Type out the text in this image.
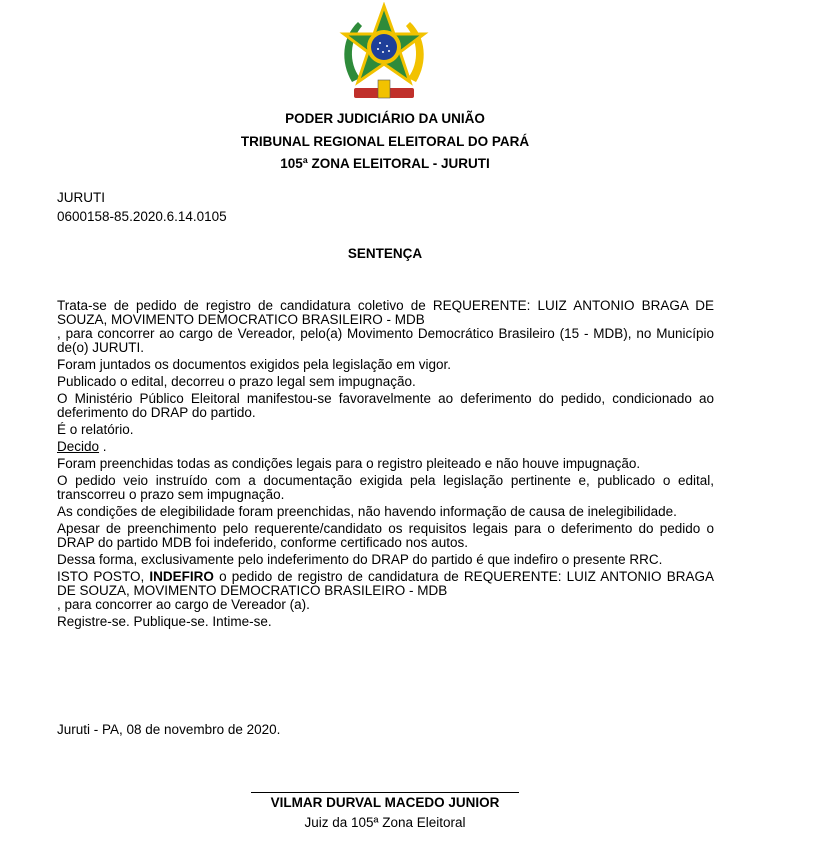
PODER JUDICIÁRIO DA UNIÃO
TRIBUNAL REGIONAL ELEITORAL DO PARÁ
105ª ZONA ELEITORAL - JURUTI
JURUTI
0600158-85.2020.6.14.0105
SENTENÇA

Trata-se de pedido de registro de candidatura coletivo de REQUERENTE: LUIZ ANTONIO BRAGA DE SOUZA, MOVIMENTO DEMOCRATICO BRASILEIRO - MDB
, para concorrer ao cargo de Vereador, pelo(a) Movimento Democrático Brasileiro (15 - MDB), no Município de(o) JURUTI.

Foram juntados os documentos exigidos pela legislação em vigor.

Publicado o edital, decorreu o prazo legal sem impugnação.

O Ministério Público Eleitoral manifestou-se favoravelmente ao deferimento do pedido, condicionado ao deferimento do DRAP do partido.

É o relatório.

Decido .

Foram preenchidas todas as condições legais para o registro pleiteado e não houve impugnação.

O pedido veio instruído com a documentação exigida pela legislação pertinente e, publicado o edital, transcorreu o prazo sem impugnação.

As condições de elegibilidade foram preenchidas, não havendo informação de causa de inelegibilidade.

Apesar de preenchimento pelo requerente/candidato os requisitos legais para o deferimento do pedido o DRAP do partido MDB foi indeferido, conforme certificado nos autos.

Dessa forma, exclusivamente pelo indeferimento do DRAP do partido é que indefiro o presente RRC.

ISTO POSTO, INDEFIRO o pedido de registro de candidatura de REQUERENTE: LUIZ ANTONIO BRAGA DE SOUZA, MOVIMENTO DEMOCRATICO BRASILEIRO - MDB
, para concorrer ao cargo de Vereador (a).

Registre-se. Publique-se. Intime-se.

Juruti - PA, 08 de novembro de 2020.
VILMAR DURVAL MACEDO JUNIOR
Juiz da 105ª Zona Eleitoral
